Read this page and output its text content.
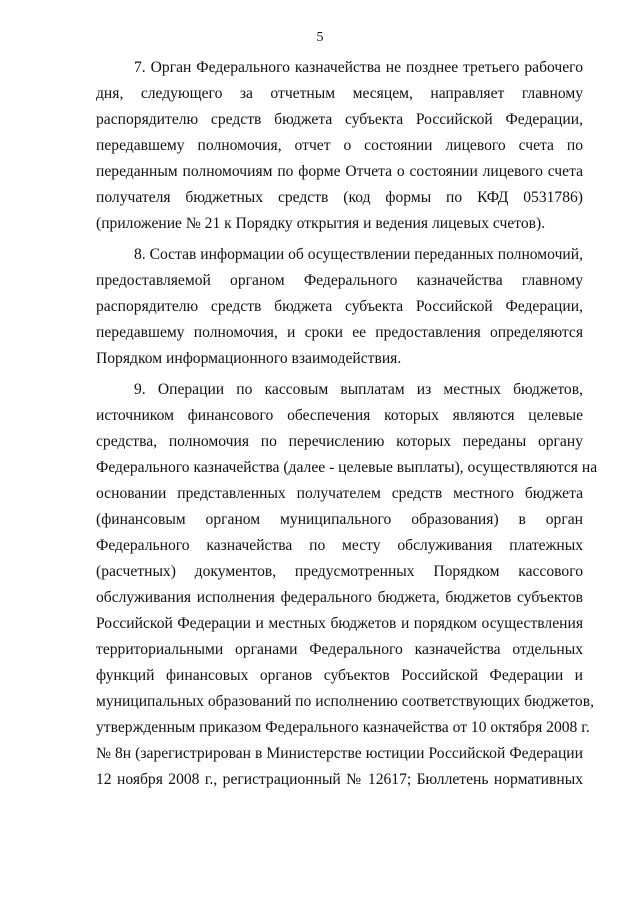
5
7. Орган Федерального казначейства не позднее третьего рабочего
дня, следующего за отчетным месяцем, направляет главному
распорядителю средств бюджета субъекта Российской Федерации,
передавшему полномочия, отчет о состоянии лицевого счета по
переданным полномочиям по форме Отчета о состоянии лицевого счета
получателя бюджетных средств (код формы по КФД 0531786)
(приложение № 21 к Порядку открытия и ведения лицевых счетов).
8. Состав информации об осуществлении переданных полномочий,
предоставляемой органом Федерального казначейства главному
распорядителю средств бюджета субъекта Российской Федерации,
передавшему полномочия, и сроки ее предоставления определяются
Порядком информационного взаимодействия.
9. Операции по кассовым выплатам из местных бюджетов,
источником финансового обеспечения которых являются целевые
средства, полномочия по перечислению которых переданы органу
Федерального казначейства (далее - целевые выплаты), осуществляются на
основании представленных получателем средств местного бюджета
(финансовым органом муниципального образования) в орган
Федерального казначейства по месту обслуживания платежных
(расчетных) документов, предусмотренных Порядком кассового
обслуживания исполнения федерального бюджета, бюджетов субъектов
Российской Федерации и местных бюджетов и порядком осуществления
территориальными органами Федерального казначейства отдельных
функций финансовых органов субъектов Российской Федерации и
муниципальных образований по исполнению соответствующих бюджетов,
утвержденным приказом Федерального казначейства от 10 октября 2008 г.
№ 8н (зарегистрирован в Министерстве юстиции Российской Федерации
12 ноября 2008 г., регистрационный № 12617; Бюллетень нормативных
